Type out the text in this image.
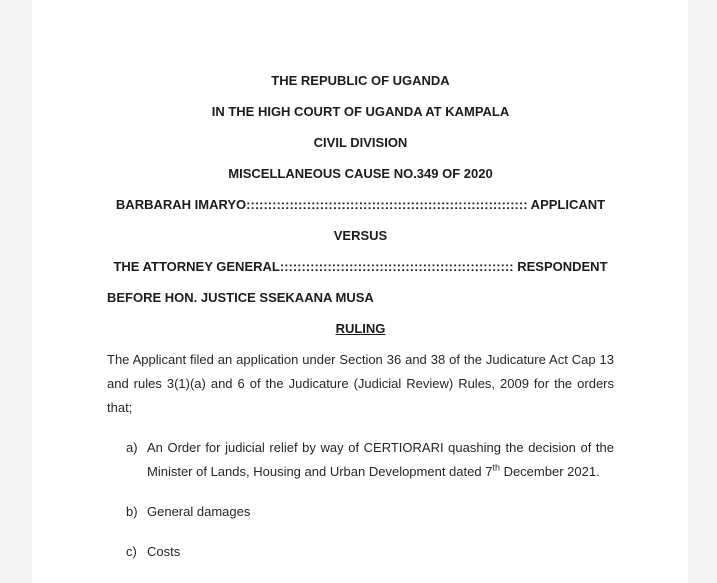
THE REPUBLIC OF UGANDA
IN THE HIGH COURT OF UGANDA AT KAMPALA
CIVIL DIVISION
MISCELLANEOUS CAUSE NO.349 OF 2020
BARBARAH IMARYO::::::::::::::::::::::::::::::::::::::::::::::::::::::::::::::::: APPLICANT
VERSUS
THE ATTORNEY GENERAL:::::::::::::::::::::::::::::::::::::::::::::::::::::: RESPONDENT
BEFORE HON. JUSTICE SSEKAANA MUSA
RULING

The Applicant filed an application under Section 36 and 38 of the Judicature Act Cap 13 and rules 3(1)(a) and 6 of the Judicature (Judicial Review) Rules, 2009 for the orders that;

a) An Order for judicial relief by way of CERTIORARI quashing the decision of the Minister of Lands, Housing and Urban Development dated 7th December 2021.
b) General damages
c) Costs
